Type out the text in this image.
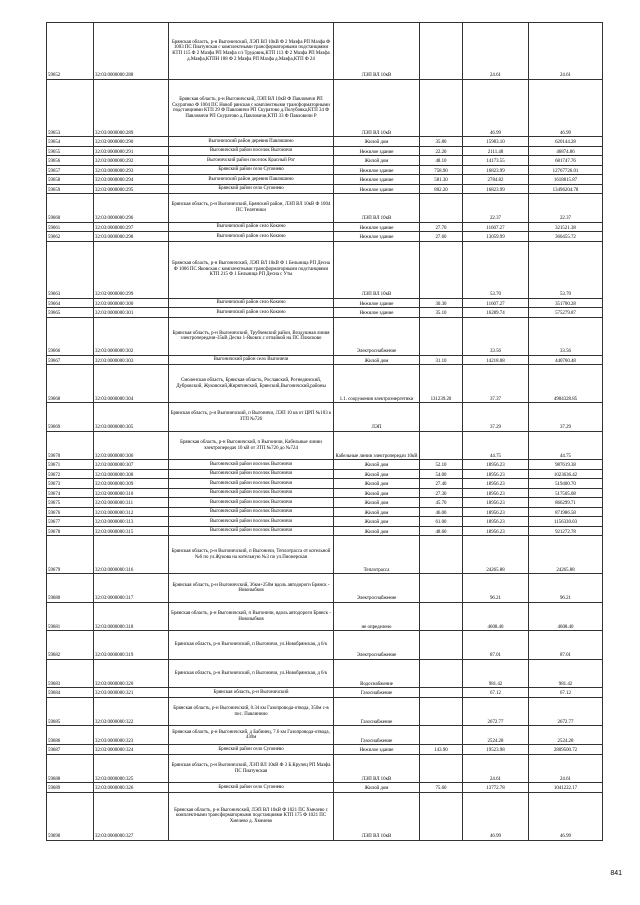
59652	32:03:0000000:288	Брянская область, р-н Выгоничский, ЛЭП ВЛ 10кВ Ф 2 Мазфа РП Мазфа Ф 1003 ПС Пиатунская с комплектными трансформаторными подстанциями КТП 115 Ф 2 Мазфа РП Мазфа с/з Трудовик,КТП 113 Ф 2 Мазфа РП Мазфа д.Мазфа,КТПН 188 Ф 2 Мазфа РП Мазфа д.Мазфа,КТП Ф 24	ЛЭП ВЛ 10кВ		24.61	24.61
59653	32:03:0000000:289	Брянская область, р-н Выгоничский, ЛЭП ВЛ 10кВ Ф Павловичи РП Скуратово Ф 1004 ПС Новоб рянская с комплектными трансформаторными подстанциями КТП 29 Ф Павловичи РП Скуратово д.Полубовка,КТП 34 Ф Павловичи РП Скуратово д.Павловичи,КТП 33 Ф Павловичи Р	ЛЭП ВЛ 10кВ		46.99	46.99
59654	32:03:0000000:290	Выгоничский район деревня Павлишино	Жилой дом	35.80	15983.10	620144.28
59655	32:03:0000000:291	Выгоничский район поселок Выгоничи	Нежилое здание	22.20	2111.48	46874.86
59656	32:03:0000000:292	Выгоничский район поселок Красный Рог	Жилой дом	48.10	14173.55	681747.76
59657	32:03:0000000:293	Брянский район село Супонево	Нежилое здание	758.90	16823.99	12767726.01
59658	32:03:0000000:294	Выгоничский район деревня Павлишино	Нежилое здание	581.30	2784.82	1618815.87
59659	32:03:0000000:295	Брянский район село Супонево	Нежилое здание	802.20	16823.99	13496204.78
59660	32:03:0000000:296	Брянская область, р-н Выгоничский, Брянский район, ЛЭП ВЛ 10кВ Ф 1004 ПС Телятники	ЛЭП ВЛ 10кВ		22.37	22.37
59661	32:03:0000000:297	Выгоничский район село Кокино	Нежилое здание	27.70	11607.27	321521.38
59662	32:03:0000000:298	Выгоничский район село Кокино	Нежилое здание	27.60	13059.99	360455.72
59663	32:03:0000000:299	Брянская область, р-н Выгоничский, ЛЭП ВЛ 10кВ Ф 1 Бельница РП Десна Ф 1006 ПС Яковская с комплектными трансформаторными подстанциями КТП 215 Ф 1 Бельница РП Десна с Уты	ЛЭП ВЛ 10кВ		53.70	53.70
59664	32:03:0000000:300	Выгоничский район село Кокино	Нежилое здание	30.30	11607.27	351700.28
59665	32:03:0000000:301	Выгоничский район село Кокино	Нежилое здание	35.10	16289.74	575279.87
59666	32:03:0000000:302	Брянская область, р-н Выгоничский, Трубчевский район, Воздушная линия электропередачи-35кВ Десна 1-Яковск с отпайкой на ПС Плюсково	Электроснабжение		33.56	33.56
59667	32:03:0000000:303	Выгоничский район село Выгоничи	Жилой дом	31.10	14218.08	440760.48
59668	32:03:0000000:304	Смоленская область, Брянская область, Рославский, Рогнединский, Дубровский, Жуковский,Жирятинский, Брянский,Выгоничский,районы	1.1. сооружения электроэнергетики	131239.20	37.37	4904328.85
59669	32:03:0000000:305	Брянская область, р-н Выгоничский, п Выгоничи, ЛЭП 10 кв от ЦРП №103 к ЗТП №726	ЛЭП		37.29	37.29
59670	32:03:0000000:306	Брянская область, р-н Выгоничский, п Выгоничи, Кабельные линии электропередач 10 кВ от ЗТП №726 до №724	Кабельные линии электропередач 10кВ		44.75	44.75
59671	32:03:0000000:307	Выгоничский район поселок Выгоничи	Жилой дом	52.10	18956.23	987619.38
59672	32:03:0000000:308	Выгоничский район поселок Выгоничи	Жилой дом	54.00	18956.23	1023636.42
59673	32:03:0000000:309	Выгоничский район поселок Выгоничи	Жилой дом	27.40	18956.23	519400.70
59674	32:03:0000000:310	Выгоничский район поселок Выгоничи	Жилой дом	27.30	18956.23	517505.08
59675	32:03:0000000:311	Выгоничский район поселок Выгоничи	Жилой дом	45.70	18956.23	866299.71
59676	32:03:0000000:312	Выгоничский район поселок Выгоничи	Жилой дом	46.00	18956.23	871986.58
59677	32:03:0000000:313	Выгоничский район поселок Выгоничи	Жилой дом	61.00	18956.23	1156330.03
59678	32:03:0000000:315	Выгоничский район поселок Выгоничи	Жилой дом	48.60	18956.23	921272.78
59679	32:03:0000000:316	Брянская область, р-н Выгоничский, п Выгоничи, Теплотрасса от котельной №6 по ул.Жукова на котельную №3 по ул.Пионерская	Теплотрасса		24265.88	24265.88
59680	32:03:0000000:317	Брянская область, р-н Выгоничский, 36км+250м вдоль автодороги Брянск - Новозыбков	Электроснабжение		96.21	96.21
59681	32:03:0000000:318	Брянская область, р-н Выгоничский, п Выгоничи, вдоль автодороги Брянск - Новозыбков	не определено		4608.40	4608.40
59682	32:03:0000000:319	Брянская область, р-н Выгоничский, п Выгоничи, ул.Новобрянская, д 6/к	Электроснабжение		87.01	87.01
59683	32:03:0000000:320	Брянская область, р-н Выгоничский, п Выгоничи, ул.Новобрянская, д 6/к	Водоснабжение		981.42	981.42
59684	32:03:0000000:321	Брянская область, р-н Выгоничский	Газоснабжение		67.12	67.12
59685	32:03:0000000:322	Брянская область, р-н Выгоничский, 0.34 км Газопровода-отвода, 350м с-в пос. Павлинино	Газоснабжение		2672.77	2672.77
59686	32:03:0000000:323	Брянская область, р-н Выгоничский, д Бабинец, 7.6 км Газопровода-отвода, 430м	Газоснабжение		2524.28	2524.28
59687	32:03:0000000:324	Брянский район село Супонево	Нежилое здание	143.90	19523.98	2809500.72
59688	32:03:0000000:325	Брянская область, р-н Выгоничский, ЛЭП ВЛ 10кВ Ф 3 Б.Крупец РП Мазфа ПС Пиатунская	ЛЭП ВЛ 10кВ		24.61	24.61
59689	32:03:0000000:326	Брянский район село Супонево	Жилой дом	75.60	13772.78	1041222.17
59690	32:03:0000000:327	Брянская область, р-н Выгоничский, ЛЭП ВЛ 10кВ Ф 1021 ПС Хмелево с комплектными трансформаторными подстанциями КТП 175 Ф 1021 ПС Хмелево д. Хмелево	ЛЭП ВЛ 10кВ		46.99	46.99
841
